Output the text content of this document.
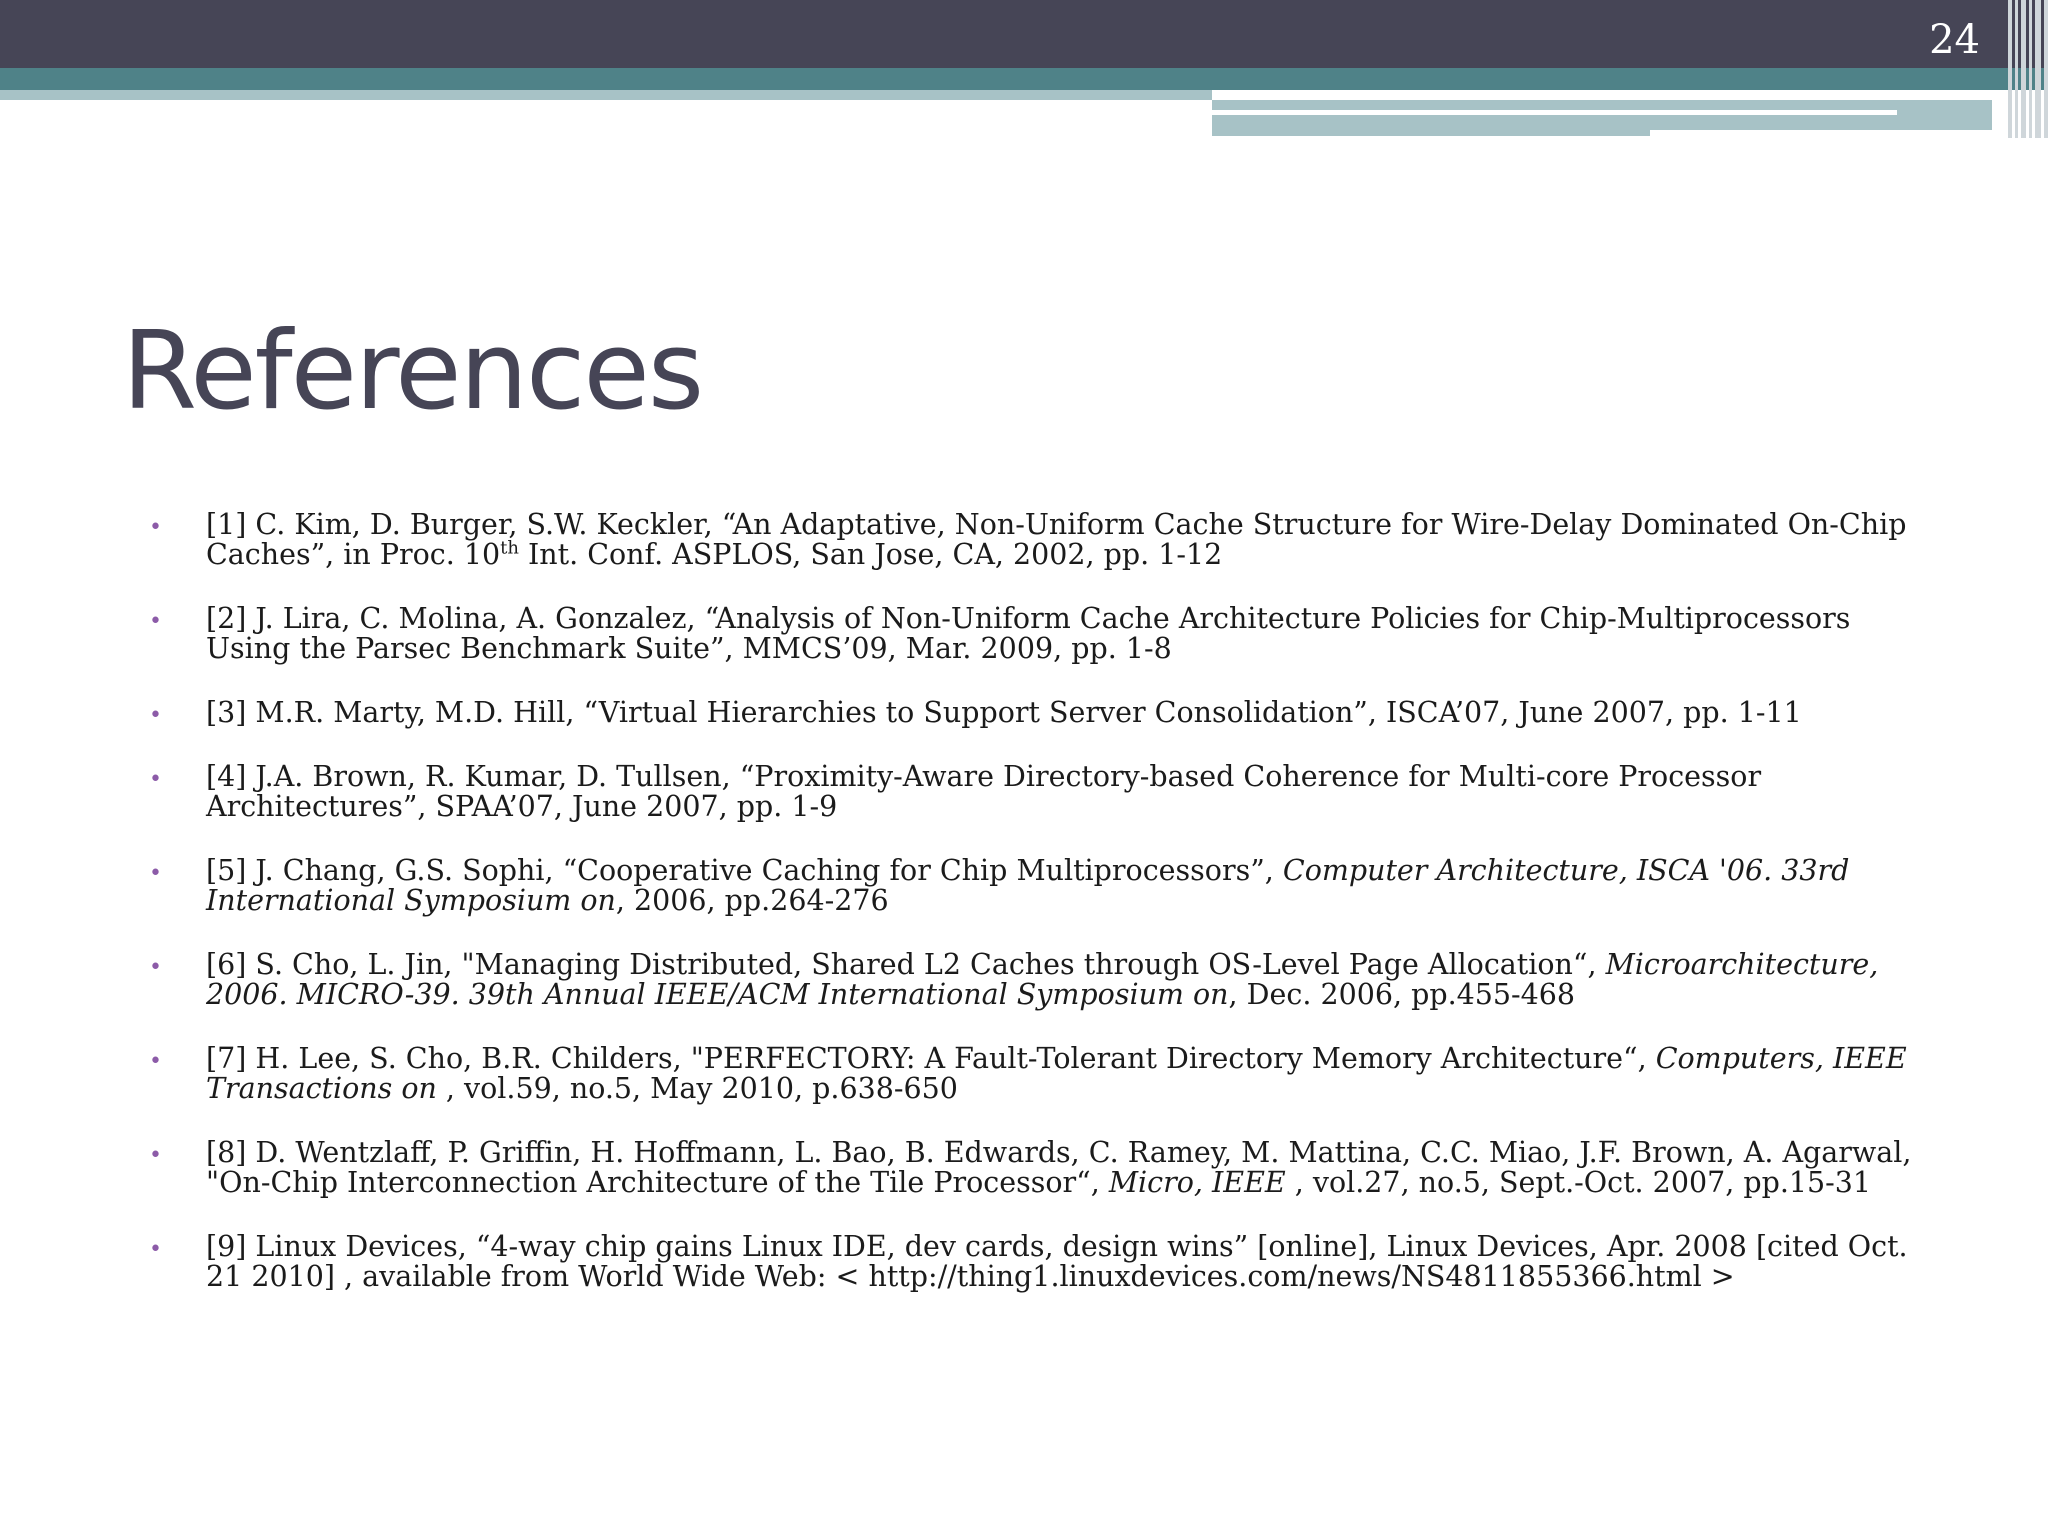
24
References
• [1] C. Kim, D. Burger, S.W. Keckler, “An Adaptative, Non-Uniform Cache Structure for Wire-Delay Dominated On-Chip Caches”, in Proc. 10th Int. Conf. ASPLOS, San Jose, CA, 2002, pp. 1-12
• [2] J. Lira, C. Molina, A. Gonzalez, “Analysis of Non-Uniform Cache Architecture Policies for Chip-Multiprocessors Using the Parsec Benchmark Suite”, MMCS’09, Mar. 2009, pp. 1-8
• [3] M.R. Marty, M.D. Hill, “Virtual Hierarchies to Support Server Consolidation”, ISCA’07, June 2007, pp. 1-11
• [4] J.A. Brown, R. Kumar, D. Tullsen, “Proximity-Aware Directory-based Coherence for Multi-core Processor Architectures”, SPAA’07, June 2007, pp. 1-9
• [5] J. Chang, G.S. Sophi, “Cooperative Caching for Chip Multiprocessors”, Computer Architecture, ISCA '06. 33rd International Symposium on, 2006, pp.264-276
• [6] S. Cho, L. Jin, "Managing Distributed, Shared L2 Caches through OS-Level Page Allocation“, Microarchitecture, 2006. MICRO-39. 39th Annual IEEE/ACM International Symposium on, Dec. 2006, pp.455-468
• [7] H. Lee, S. Cho, B.R. Childers, "PERFECTORY: A Fault-Tolerant Directory Memory Architecture“, Computers, IEEE Transactions on , vol.59, no.5, May 2010, p.638-650
• [8] D. Wentzlaff, P. Griffin, H. Hoffmann, L. Bao, B. Edwards, C. Ramey, M. Mattina, C.C. Miao, J.F. Brown, A. Agarwal, "On-Chip Interconnection Architecture of the Tile Processor“, Micro, IEEE , vol.27, no.5, Sept.-Oct. 2007, pp.15-31
• [9] Linux Devices, “4-way chip gains Linux IDE, dev cards, design wins” [online], Linux Devices, Apr. 2008 [cited Oct. 21 2010] , available from World Wide Web: < http://thing1.linuxdevices.com/news/NS4811855366.html >
